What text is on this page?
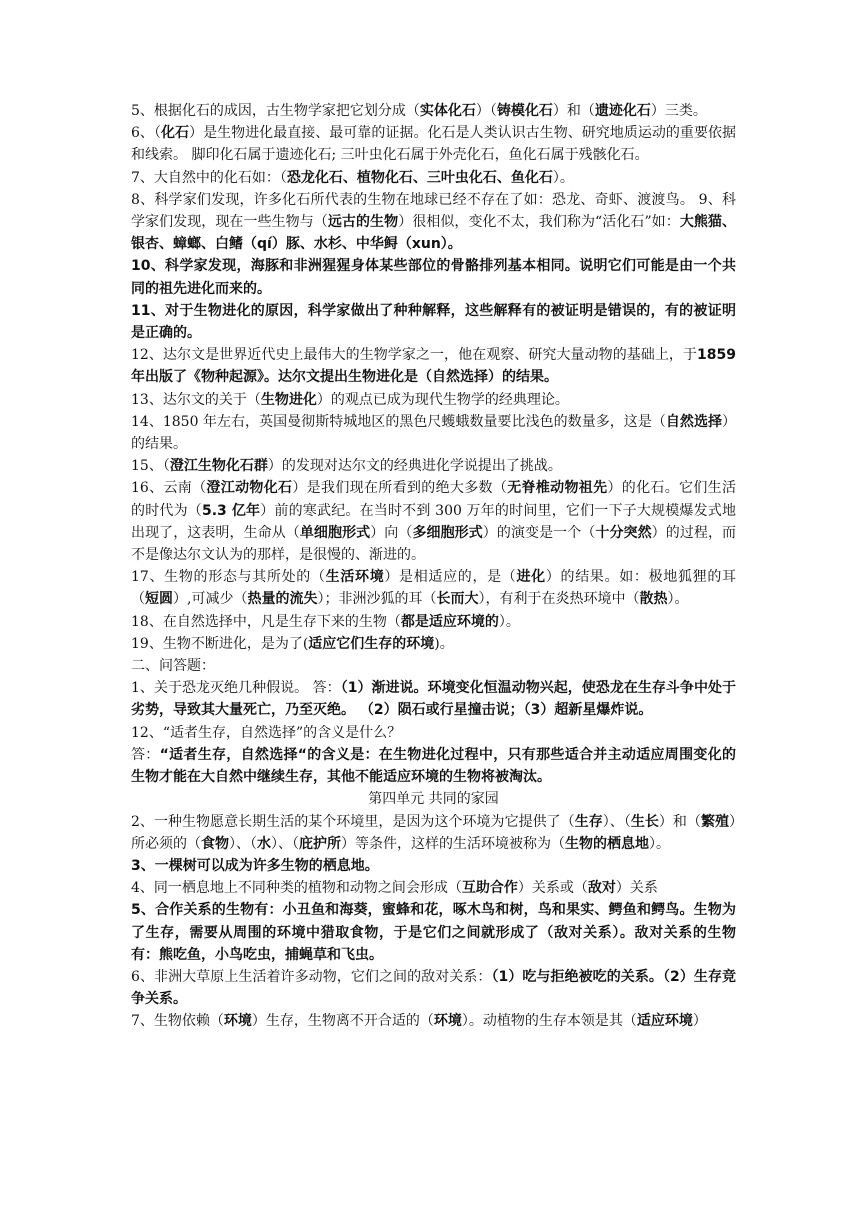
5、根据化石的成因，古生物学家把它划分成（实体化石）（铸模化石）和（遗迹化石）三类。

6、（化石）是生物进化最直接、最可靠的证据。化石是人类认识古生物、研究地质运动的重要依据和线索。 脚印化石属于遗迹化石; 三叶虫化石属于外壳化石，鱼化石属于残骸化石。

7、大自然中的化石如：（恐龙化石、植物化石、三叶虫化石、鱼化石）。

8、科学家们发现，许多化石所代表的生物在地球已经不存在了如：恐龙、奇虾、渡渡鸟。 9、科学家们发现，现在一些生物与（远古的生物）很相似，变化不太，我们称为“活化石”如：大熊猫、银杏、蟑螂、白鳍（qí）豚、水杉、中华鲟（xun）。

10、科学家发现，海豚和非洲猩猩身体某些部位的骨骼排列基本相同。说明它们可能是由一个共同的祖先进化而来的。

11、对于生物进化的原因，科学家做出了种种解释，这些解释有的被证明是错误的，有的被证明是正确的。

12、达尔文是世界近代史上最伟大的生物学家之一，他在观察、研究大量动物的基础上，于1859 年出版了《物种起源》。达尔文提出生物进化是（自然选择）的结果。

13、达尔文的关于（生物进化）的观点已成为现代生物学的经典理论。

14、1850 年左右，英国曼彻斯特城地区的黑色尺蠖蛾数量要比浅色的数量多，这是（自然选择）的结果。

15、（澄江生物化石群）的发现对达尔文的经典进化学说提出了挑战。

16、云南（澄江动物化石）是我们现在所看到的绝大多数（无脊椎动物祖先）的化石。它们生活的时代为（5.3 亿年）前的寒武纪。在当时不到 300 万年的时间里，它们一下子大规模爆发式地出现了，这表明，生命从（单细胞形式）向（多细胞形式）的演变是一个（十分突然）的过程，而不是像达尔文认为的那样，是很慢的、渐进的。

17、生物的形态与其所处的（生活环境）是相适应的，是（进化）的结果。如：极地狐狸的耳（短圆）,可减少（热量的流失）；非洲沙狐的耳（长而大），有利于在炎热环境中（散热）。

18、在自然选择中，凡是生存下来的生物（都是适应环境的）。

19、生物不断进化，是为了(适应它们生存的环境)。

二、问答题：

1、关于恐龙灭绝几种假说。 答：（1）渐进说。环境变化恒温动物兴起，使恐龙在生存斗争中处于劣势，导致其大量死亡，乃至灭绝。 （2）陨石或行星撞击说；（3）超新星爆炸说。

12、“适者生存，自然选择”的含义是什么？

答：“适者生存，自然选择“的含义是：在生物进化过程中，只有那些适合并主动适应周围变化的生物才能在大自然中继续生存，其他不能适应环境的生物将被淘汰。

第四单元 共同的家园

2、一种生物愿意长期生活的某个环境里，是因为这个环境为它提供了（生存）、（生长）和（繁殖）所必须的（食物）、（水）、（庇护所）等条件，这样的生活环境被称为（生物的栖息地）。

3、一棵树可以成为许多生物的栖息地。

4、同一栖息地上不同种类的植物和动物之间会形成（互助合作）关系或（敌对）关系

5、合作关系的生物有：小丑鱼和海葵，蜜蜂和花，啄木鸟和树，鸟和果实、鳄鱼和鳄鸟。生物为了生存，需要从周围的环境中猎取食物，于是它们之间就形成了（敌对关系）。敌对关系的生物有：熊吃鱼，小鸟吃虫，捕蝇草和飞虫。

6、非洲大草原上生活着许多动物，它们之间的敌对关系：（1）吃与拒绝被吃的关系。（2）生存竞争关系。

7、生物依赖（环境）生存，生物离不开合适的（环境）。动植物的生存本领是其（适应环境）
